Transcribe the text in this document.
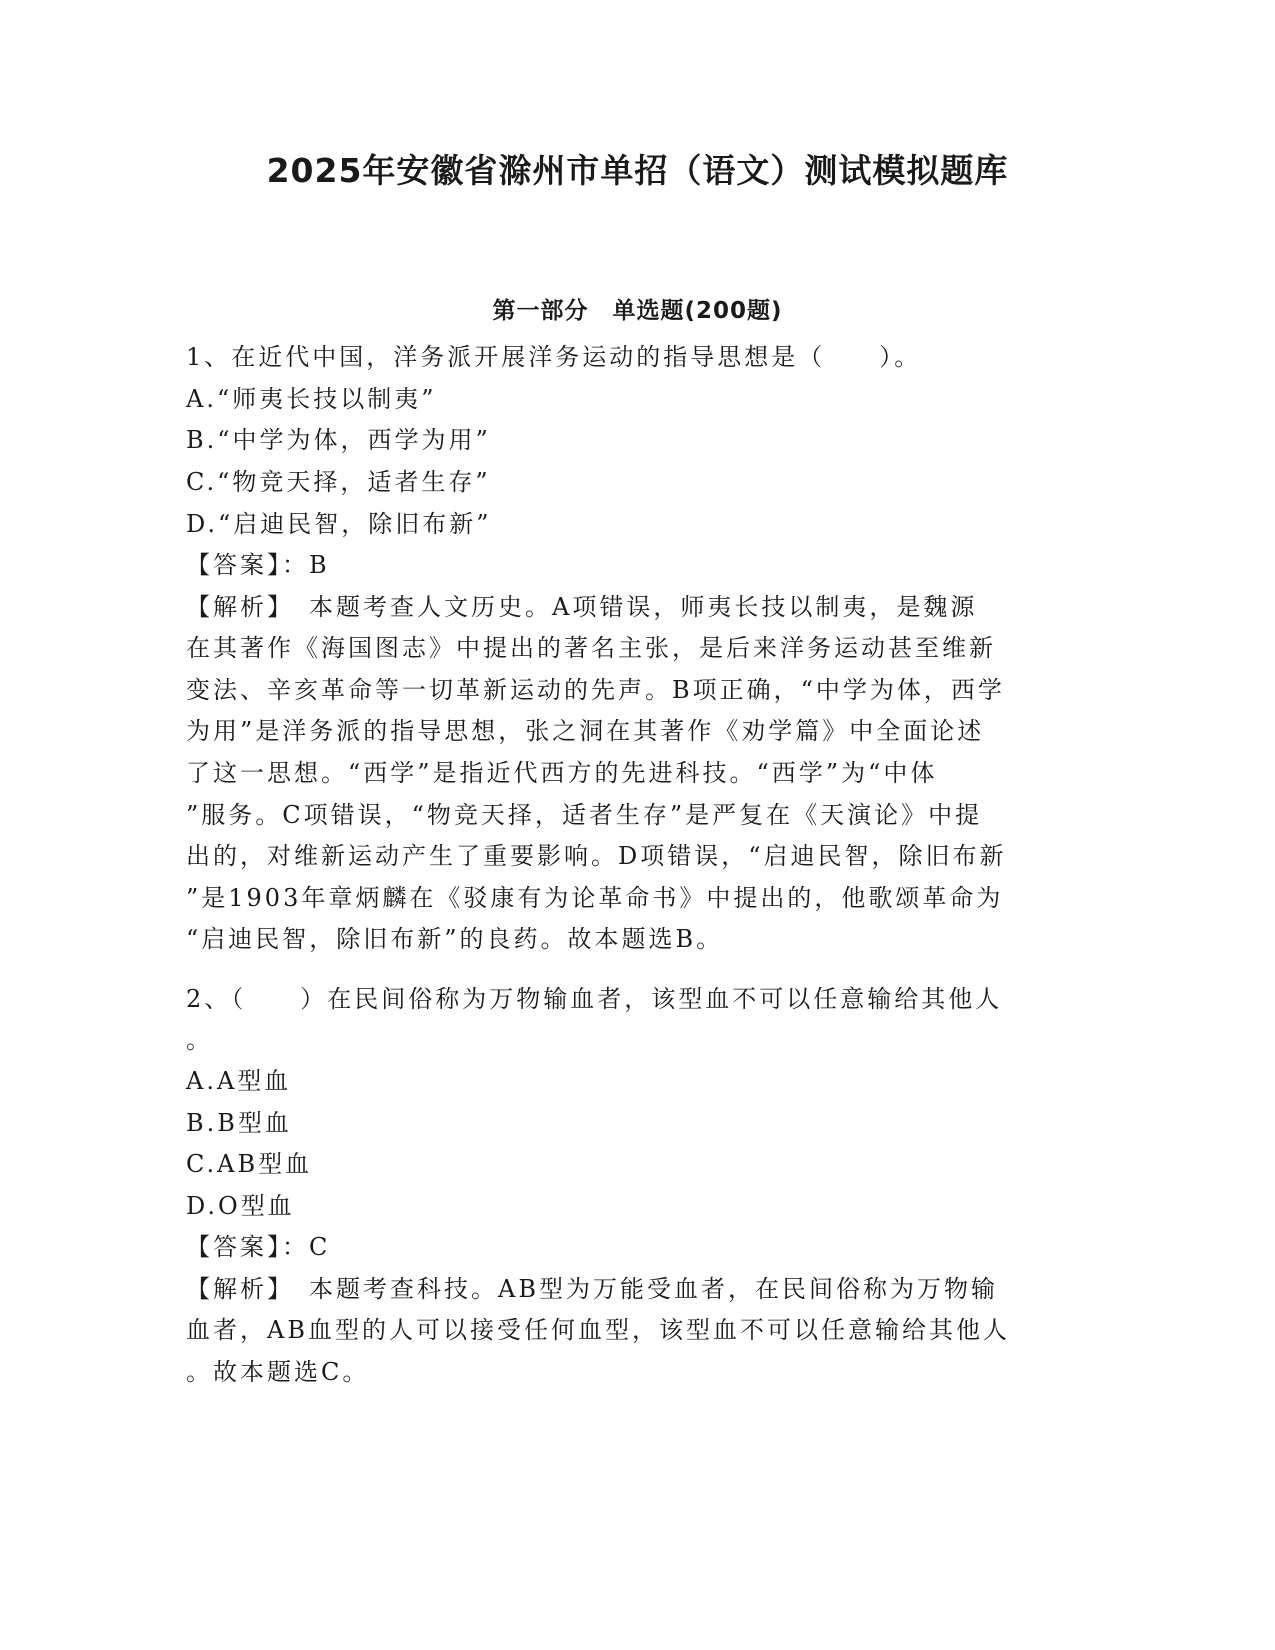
2025年安徽省滁州市单招（语文）测试模拟题库
第一部分　单选题(200题)
1、在近代中国，洋务派开展洋务运动的指导思想是（　　）。
A.“师夷长技以制夷”
B.“中学为体，西学为用”
C.“物竞天择，适者生存”
D.“启迪民智，除旧布新”
【答案】：B
【解析】　本题考查人文历史。A项错误，师夷长技以制夷，是魏源
在其著作《海国图志》中提出的著名主张，是后来洋务运动甚至维新
变法、辛亥革命等一切革新运动的先声。B项正确，“中学为体，西学
为用”是洋务派的指导思想，张之洞在其著作《劝学篇》中全面论述
了这一思想。“西学”是指近代西方的先进科技。“西学”为“中体
”服务。C项错误，“物竞天择，适者生存”是严复在《天演论》中提
出的，对维新运动产生了重要影响。D项错误，“启迪民智，除旧布新
”是1903年章炳麟在《驳康有为论革命书》中提出的，他歌颂革命为
“启迪民智，除旧布新”的良药。故本题选B。
2、（　　）在民间俗称为万物输血者，该型血不可以任意输给其他人
。
A.A型血
B.B型血
C.AB型血
D.O型血
【答案】：C
【解析】　本题考查科技。AB型为万能受血者，在民间俗称为万物输
血者，AB血型的人可以接受任何血型，该型血不可以任意输给其他人
。故本题选C。
